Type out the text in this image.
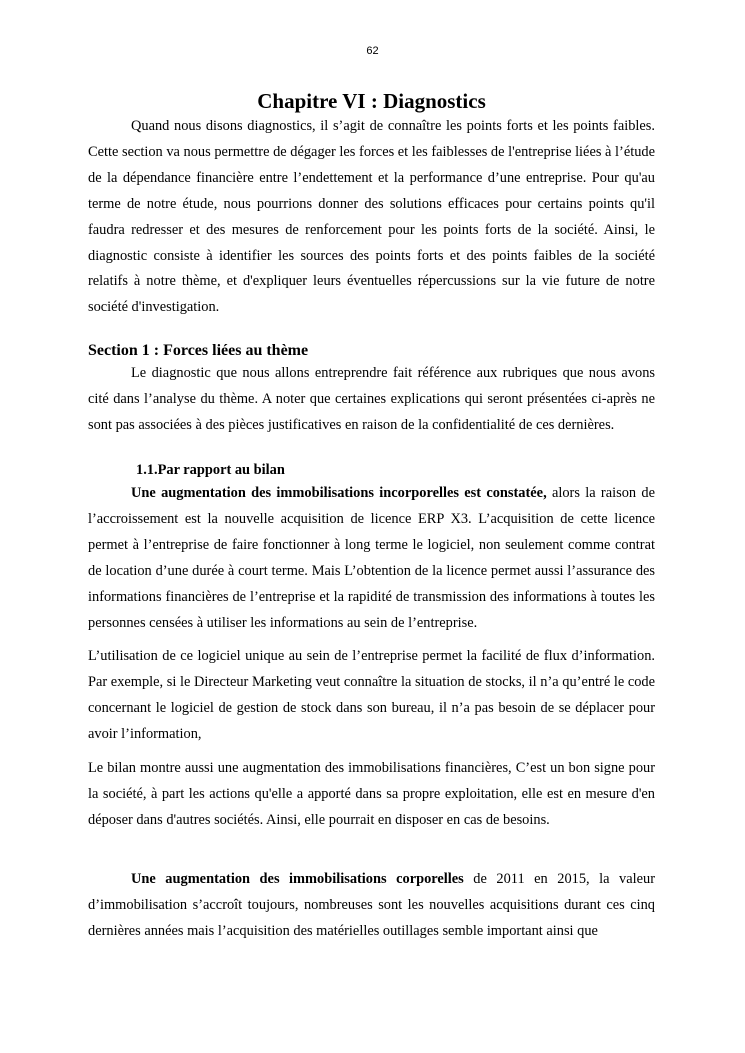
62
Chapitre VI : Diagnostics

Quand nous disons diagnostics, il s’agit de connaître les points forts et les points faibles. Cette section va nous permettre de dégager les forces et les faiblesses de l'entreprise liées à l’étude de la dépendance financière entre l’endettement et la performance d’une entreprise. Pour qu'au terme de notre étude, nous pourrions donner des solutions efficaces pour certains points qu'il faudra redresser et des mesures de renforcement pour les points forts de la société. Ainsi, le diagnostic consiste à identifier les sources des points forts et des points faibles de la société relatifs à notre thème, et d'expliquer leurs éventuelles répercussions sur la vie future de notre société d'investigation.

Section 1 : Forces liées au thème

Le diagnostic que nous allons entreprendre fait référence aux rubriques que nous avons cité dans l’analyse du thème. A noter que certaines explications qui seront présentées ci-après ne sont pas associées à des pièces justificatives en raison de la confidentialité de ces dernières.

1.1.Par rapport au bilan

Une augmentation des immobilisations incorporelles est constatée, alors la raison de l’accroissement est la nouvelle acquisition de licence ERP X3. L’acquisition de cette licence permet à l’entreprise de faire fonctionner à long terme le logiciel, non seulement comme contrat de location d’une durée à court terme. Mais L’obtention de la licence permet aussi l’assurance des informations financières de l’entreprise et la rapidité de transmission des informations à toutes les personnes censées à utiliser les informations au sein de l’entreprise.

L’utilisation de ce logiciel unique au sein de l’entreprise permet la facilité de flux d’information. Par exemple, si le Directeur Marketing veut connaître la situation de stocks, il n’a qu’entré le code concernant le logiciel de gestion de stock dans son bureau, il n’a pas besoin de se déplacer pour avoir l’information,

Le bilan montre aussi une augmentation des immobilisations financières, C’est un bon signe pour la société, à part les actions qu'elle a apporté dans sa propre exploitation, elle est en mesure d'en déposer dans d'autres sociétés. Ainsi, elle pourrait en disposer en cas de besoins.

Une augmentation des immobilisations corporelles de 2011 en 2015, la valeur d’immobilisation s’accroît toujours, nombreuses sont les nouvelles acquisitions durant ces cinq dernières années mais l’acquisition des matérielles outillages semble important ainsi que
